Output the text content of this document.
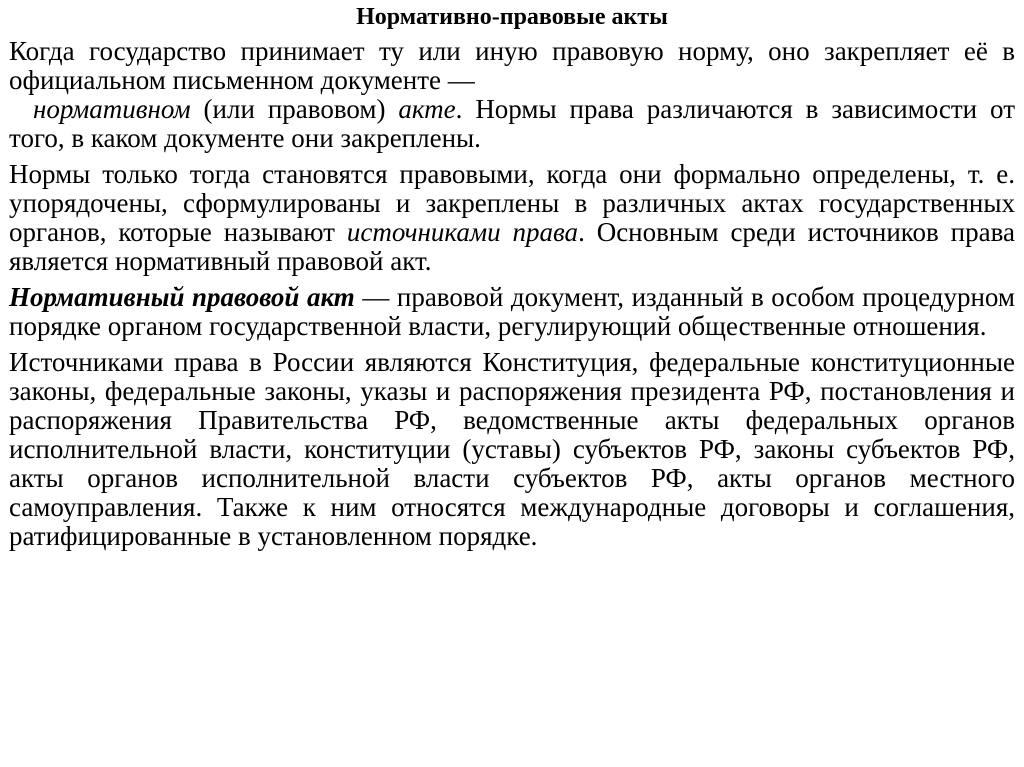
Нормативно-правовые акты

Когда государство принимает ту или иную правовую норму, оно закрепляет её в официальном письменном документе —
нормативном (или правовом) акте. Нормы права различаются в зависимости от того, в каком документе они закреплены.

Нормы только тогда становятся правовыми, когда они формально определены, т. е. упорядочены, сформулированы и закреплены в различных актах государственных органов, которые называют источниками права. Основным среди источников права является нормативный правовой акт.

Нормативный правовой акт — правовой документ, изданный в особом процедурном порядке органом государственной власти, регулирующий общественные отношения.

Источниками права в России являются Конституция, федеральные конституционные законы, федеральные законы, указы и распоряжения президента РФ, постановления и распоряжения Правительства РФ, ведомственные акты федеральных органов исполнительной власти, конституции (уставы) субъектов РФ, законы субъектов РФ, акты органов исполнительной власти субъектов РФ, акты органов местного самоуправления. Также к ним относятся международные договоры и соглашения, ратифицированные в установленном порядке.
